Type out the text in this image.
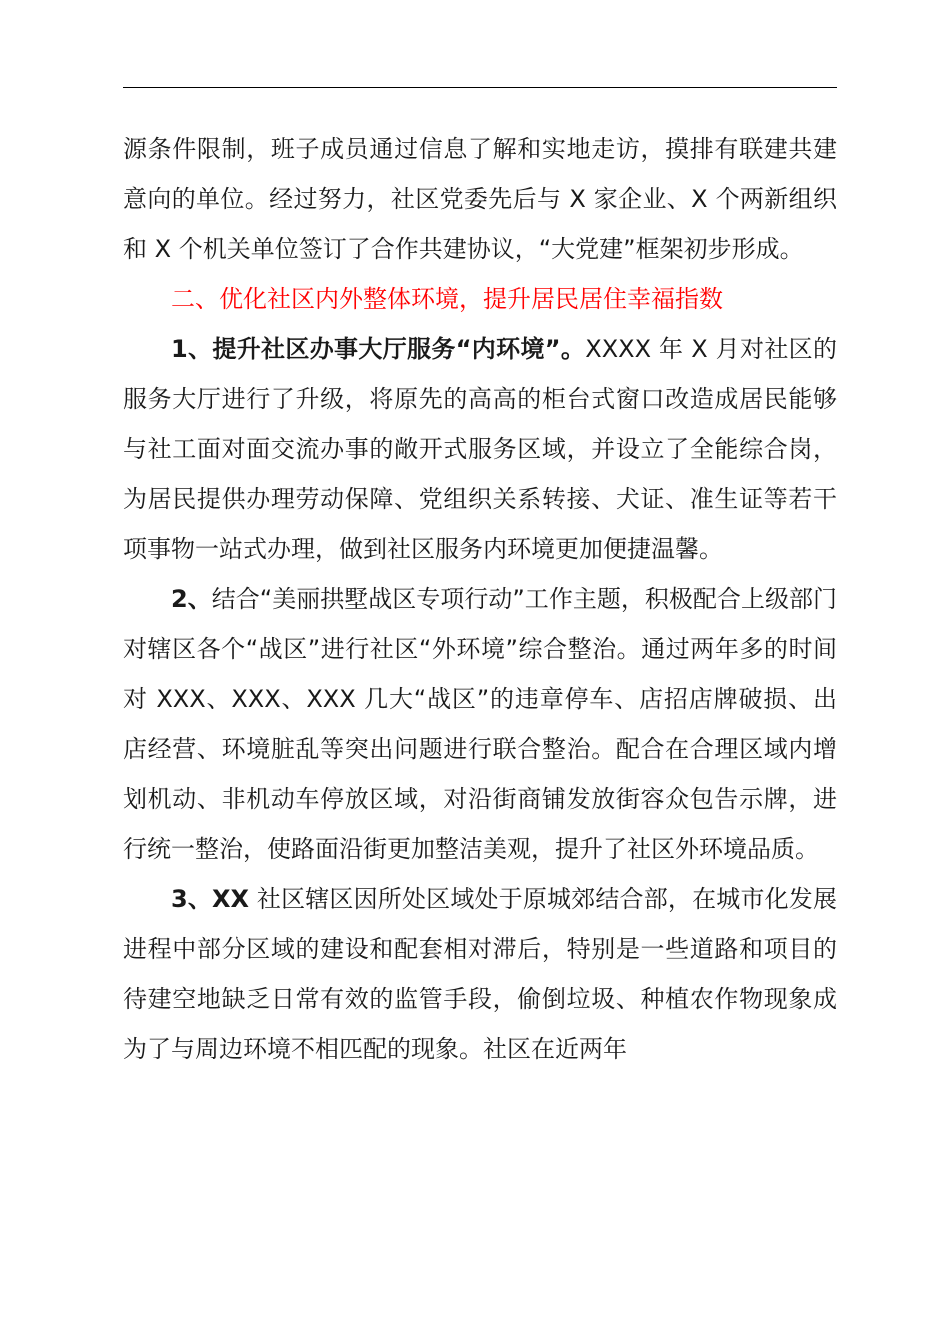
源条件限制，班子成员通过信息了解和实地走访，摸排有联建共建意向的单位。经过努力，社区党委先后与 X 家企业、X 个两新组织和 X 个机关单位签订了合作共建协议，“大党建”框架初步形成。

二、优化社区内外整体环境，提升居民居住幸福指数

1、提升社区办事大厅服务“内环境”。XXXX 年 X 月对社区的服务大厅进行了升级，将原先的高高的柜台式窗口改造成居民能够与社工面对面交流办事的敞开式服务区域，并设立了全能综合岗，为居民提供办理劳动保障、党组织关系转接、犬证、准生证等若干项事物一站式办理，做到社区服务内环境更加便捷温馨。

2、结合“美丽拱墅战区专项行动”工作主题，积极配合上级部门对辖区各个“战区”进行社区“外环境”综合整治。通过两年多的时间对 XXX、XXX、XXX 几大“战区”的违章停车、店招店牌破损、出店经营、环境脏乱等突出问题进行联合整治。配合在合理区域内增划机动、非机动车停放区域，对沿街商铺发放街容众包告示牌，进行统一整治，使路面沿街更加整洁美观，提升了社区外环境品质。

3、XX 社区辖区因所处区域处于原城郊结合部，在城市化发展进程中部分区域的建设和配套相对滞后，特别是一些道路和项目的待建空地缺乏日常有效的监管手段，偷倒垃圾、种植农作物现象成为了与周边环境不相匹配的现象。社区在近两年
